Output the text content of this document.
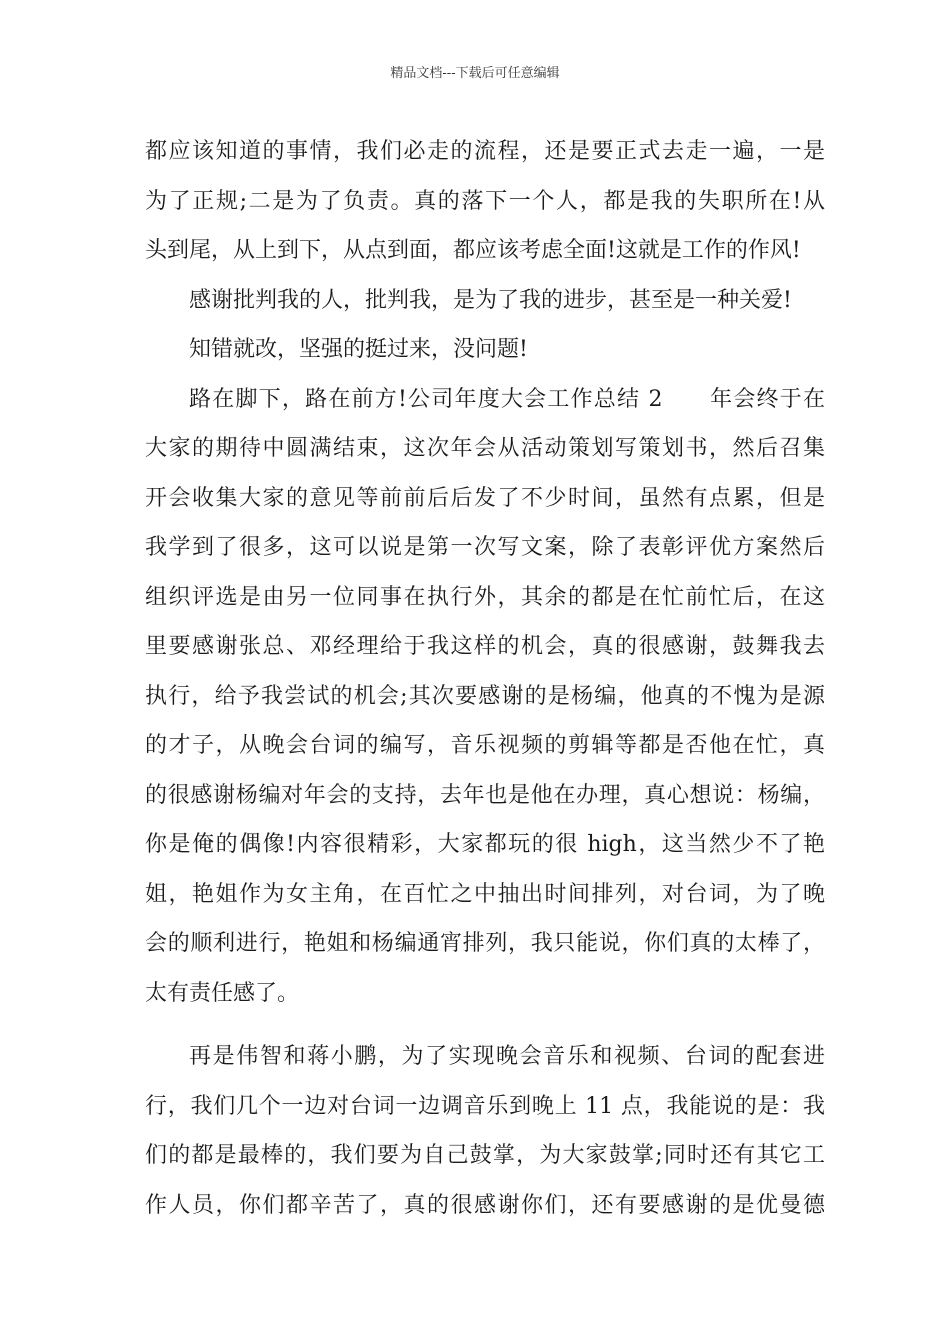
精品文档---下载后可任意编辑
都应该知道的事情，我们必走的流程，还是要正式去走一遍，一是
为了正规;二是为了负责。真的落下一个人，都是我的失职所在!从
头到尾，从上到下，从点到面，都应该考虑全面!这就是工作的作风!
感谢批判我的人，批判我，是为了我的进步，甚至是一种关爱!
知错就改，坚强的挺过来，没问题!
路在脚下，路在前方!公司年度大会工作总结 2　　年会终于在
大家的期待中圆满结束，这次年会从活动策划写策划书，然后召集
开会收集大家的意见等前前后后发了不少时间，虽然有点累，但是
我学到了很多，这可以说是第一次写文案，除了表彰评优方案然后
组织评选是由另一位同事在执行外，其余的都是在忙前忙后，在这
里要感谢张总、邓经理给于我这样的机会，真的很感谢，鼓舞我去
执行，给予我尝试的机会;其次要感谢的是杨编，他真的不愧为是源
的才子，从晚会台词的编写，音乐视频的剪辑等都是否他在忙，真
的很感谢杨编对年会的支持，去年也是他在办理，真心想说：杨编，
你是俺的偶像!内容很精彩，大家都玩的很 high，这当然少不了艳
姐，艳姐作为女主角，在百忙之中抽出时间排列，对台词，为了晚
会的顺利进行，艳姐和杨编通宵排列，我只能说，你们真的太棒了，
太有责任感了。
再是伟智和蒋小鹏，为了实现晚会音乐和视频、台词的配套进
行，我们几个一边对台词一边调音乐到晚上 11 点，我能说的是：我
们的都是最棒的，我们要为自己鼓掌，为大家鼓掌;同时还有其它工
作人员，你们都辛苦了，真的很感谢你们，还有要感谢的是优曼德
